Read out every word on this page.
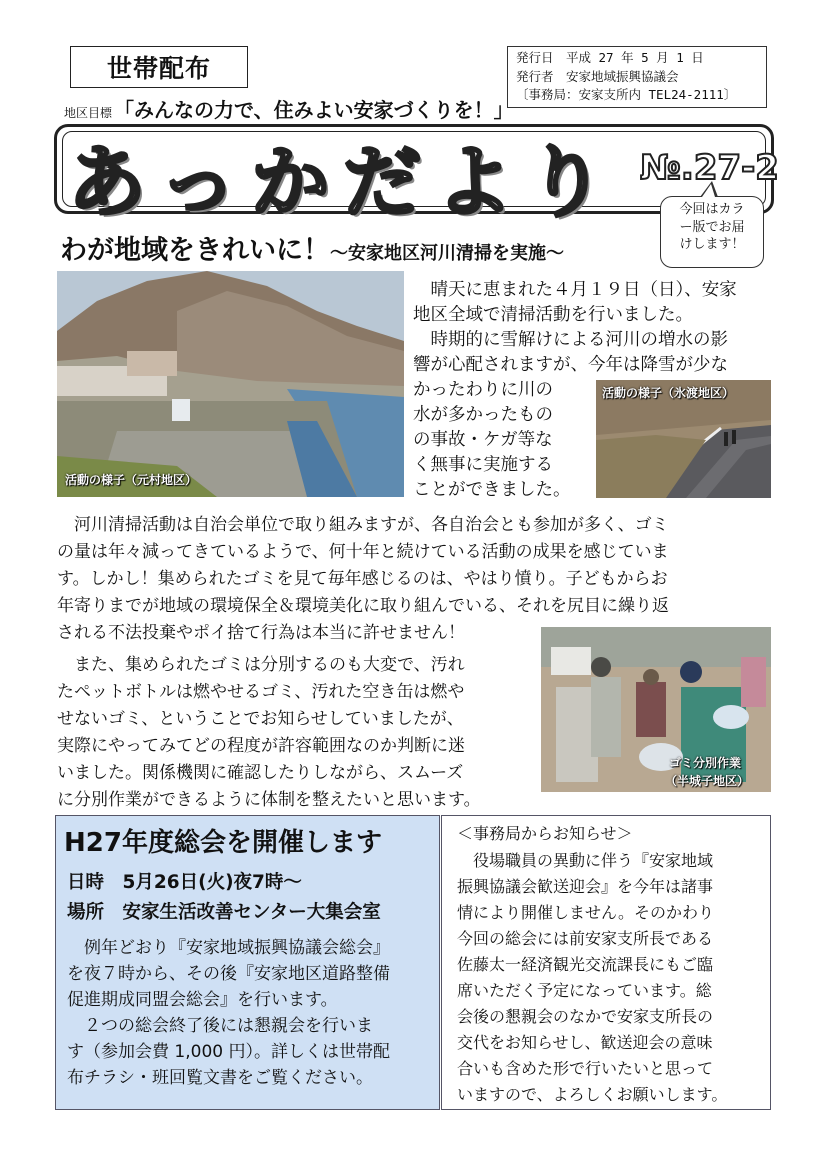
世帯配布
地区目標 「みんなの力で、住みよい安家づくりを！」
発行日　平成 27 年 5 月 1 日
発行者　安家地域振興協議会
〔事務局：安家支所内 TEL24-2111〕
あっかだより №.27-2
今回はカラ
ー版でお届
けします！
わが地域をきれいに！～安家地区河川清掃を実施～
活動の様子（元村地区）
　晴天に恵まれた４月１９日（日）、安家
地区全域で清掃活動を行いました。
　時期的に雪解けによる河川の増水の影
響が心配されますが、今年は降雪が少な
かったわりに川の
水が多かったもの
の事故・ケガ等な
く無事に実施する
ことができました。
活動の様子（氷渡地区）
　河川清掃活動は自治会単位で取り組みますが、各自治会とも参加が多く、ゴミ
の量は年々減ってきているようで、何十年と続けている活動の成果を感じていま
す。しかし！集められたゴミを見て毎年感じるのは、やはり憤り。子どもからお
年寄りまでが地域の環境保全＆環境美化に取り組んでいる、それを尻目に繰り返
される不法投棄やポイ捨て行為は本当に許せません！
　また、集められたゴミは分別するのも大変で、汚れ
たペットボトルは燃やせるゴミ、汚れた空き缶は燃や
せないゴミ、ということでお知らせしていましたが、
実際にやってみてどの程度が許容範囲なのか判断に迷
いました。関係機関に確認したりしながら、スムーズ
に分別作業ができるように体制を整えたいと思います。
ゴミ分別作業
（半城子地区）
H27年度総会を開催します
日時　5月26日(火)夜7時～
場所　安家生活改善センター大集会室
　例年どおり『安家地域振興協議会総会』
を夜７時から、その後『安家地区道路整備
促進期成同盟会総会』を行います。
　２つの総会終了後には懇親会を行いま
す（参加会費 1,000 円）。詳しくは世帯配
布チラシ・班回覧文書をご覧ください。
＜事務局からお知らせ＞
　役場職員の異動に伴う『安家地域
振興協議会歓送迎会』を今年は諸事
情により開催しません。そのかわり
今回の総会には前安家支所長である
佐藤太一経済観光交流課長にもご臨
席いただく予定になっています。総
会後の懇親会のなかで安家支所長の
交代をお知らせし、歓送迎会の意味
合いも含めた形で行いたいと思って
いますので、よろしくお願いします。
